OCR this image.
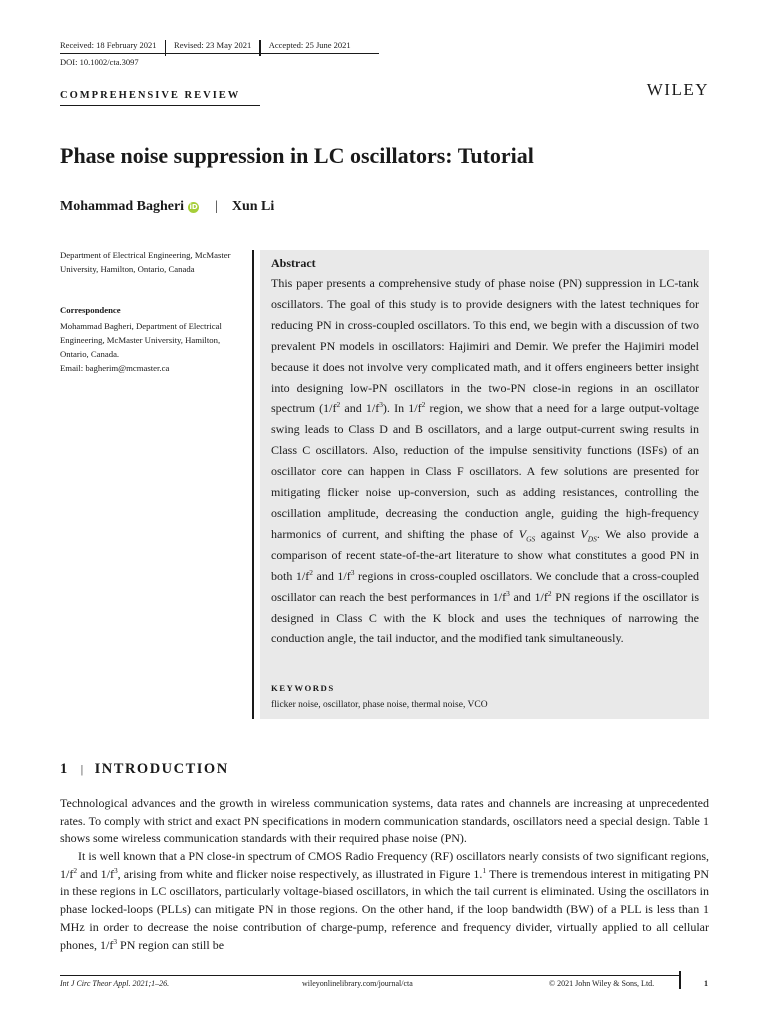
Received: 18 February 2021 Revised: 23 May 2021 Accepted: 25 June 2021
DOI: 10.1002/cta.3097
COMPREHENSIVE REVIEW	WILEY
Phase noise suppression in LC oscillators: Tutorial
Mohammad Bagheri iD | Xun Li
Department of Electrical Engineering, McMaster University, Hamilton, Ontario, Canada
Correspondence
Mohammad Bagheri, Department of Electrical Engineering, McMaster University, Hamilton, Ontario, Canada.
Email: bagherim@mcmaster.ca
Abstract
This paper presents a comprehensive study of phase noise (PN) suppression in LC-tank oscillators. The goal of this study is to provide designers with the latest techniques for reducing PN in cross-coupled oscillators. To this end, we begin with a discussion of two prevalent PN models in oscillators: Hajimiri and Demir. We prefer the Hajimiri model because it does not involve very complicated math, and it offers engineers better insight into designing low-PN oscillators in the two-PN close-in regions in an oscillator spectrum ($1/f^2$ and $1/f^3$). In $1/f^2$ region, we show that a need for a large output-voltage swing leads to Class D and B oscillators, and a large output-current swing results in Class C oscillators. Also, reduction of the impulse sensitivity functions (ISFs) of an oscillator core can happen in Class F oscillators. A few solutions are presented for mitigating flicker noise up-conversion, such as adding resistances, controlling the oscillation amplitude, decreasing the conduction angle, guiding the high-frequency harmonics of current, and shifting the phase of $V_{GS}$ against $V_{DS}$. We also provide a comparison of recent state-of-the-art literature to show what constitutes a good PN in both $1/f^2$ and $1/f^3$ regions in cross-coupled oscillators. We conclude that a cross-coupled oscillator can reach the best performances in $1/f^3$ and $1/f^2$ PN regions if the oscillator is designed in Class C with the K block and uses the techniques of narrowing the conduction angle, the tail inductor, and the modified tank simultaneously.
KEYWORDS
flicker noise, oscillator, phase noise, thermal noise, VCO
1 | INTRODUCTION
Technological advances and the growth in wireless communication systems, data rates and channels are increasing at unprecedented rates. To comply with strict and exact PN specifications in modern communication standards, oscillators need a special design. Table 1 shows some wireless communication standards with their required phase noise (PN).
It is well known that a PN close-in spectrum of CMOS Radio Frequency (RF) oscillators nearly consists of two significant regions, $1/f^2$ and $1/f^3$, arising from white and flicker noise respectively, as illustrated in Figure 1.$^1$ There is tremendous interest in mitigating PN in these regions in LC oscillators, particularly voltage-biased oscillators, in which the tail current is eliminated. Using the oscillators in phase locked-loops (PLLs) can mitigate PN in those regions. On the other hand, if the loop bandwidth (BW) of a PLL is less than 1 MHz in order to decrease the noise contribution of charge-pump, reference and frequency divider, virtually applied to all cellular phones, $1/f^3$ PN region can still be
Int J Circ Theor Appl. 2021;1–26.	wileyonlinelibrary.com/journal/cta	© 2021 John Wiley & Sons, Ltd.	1
